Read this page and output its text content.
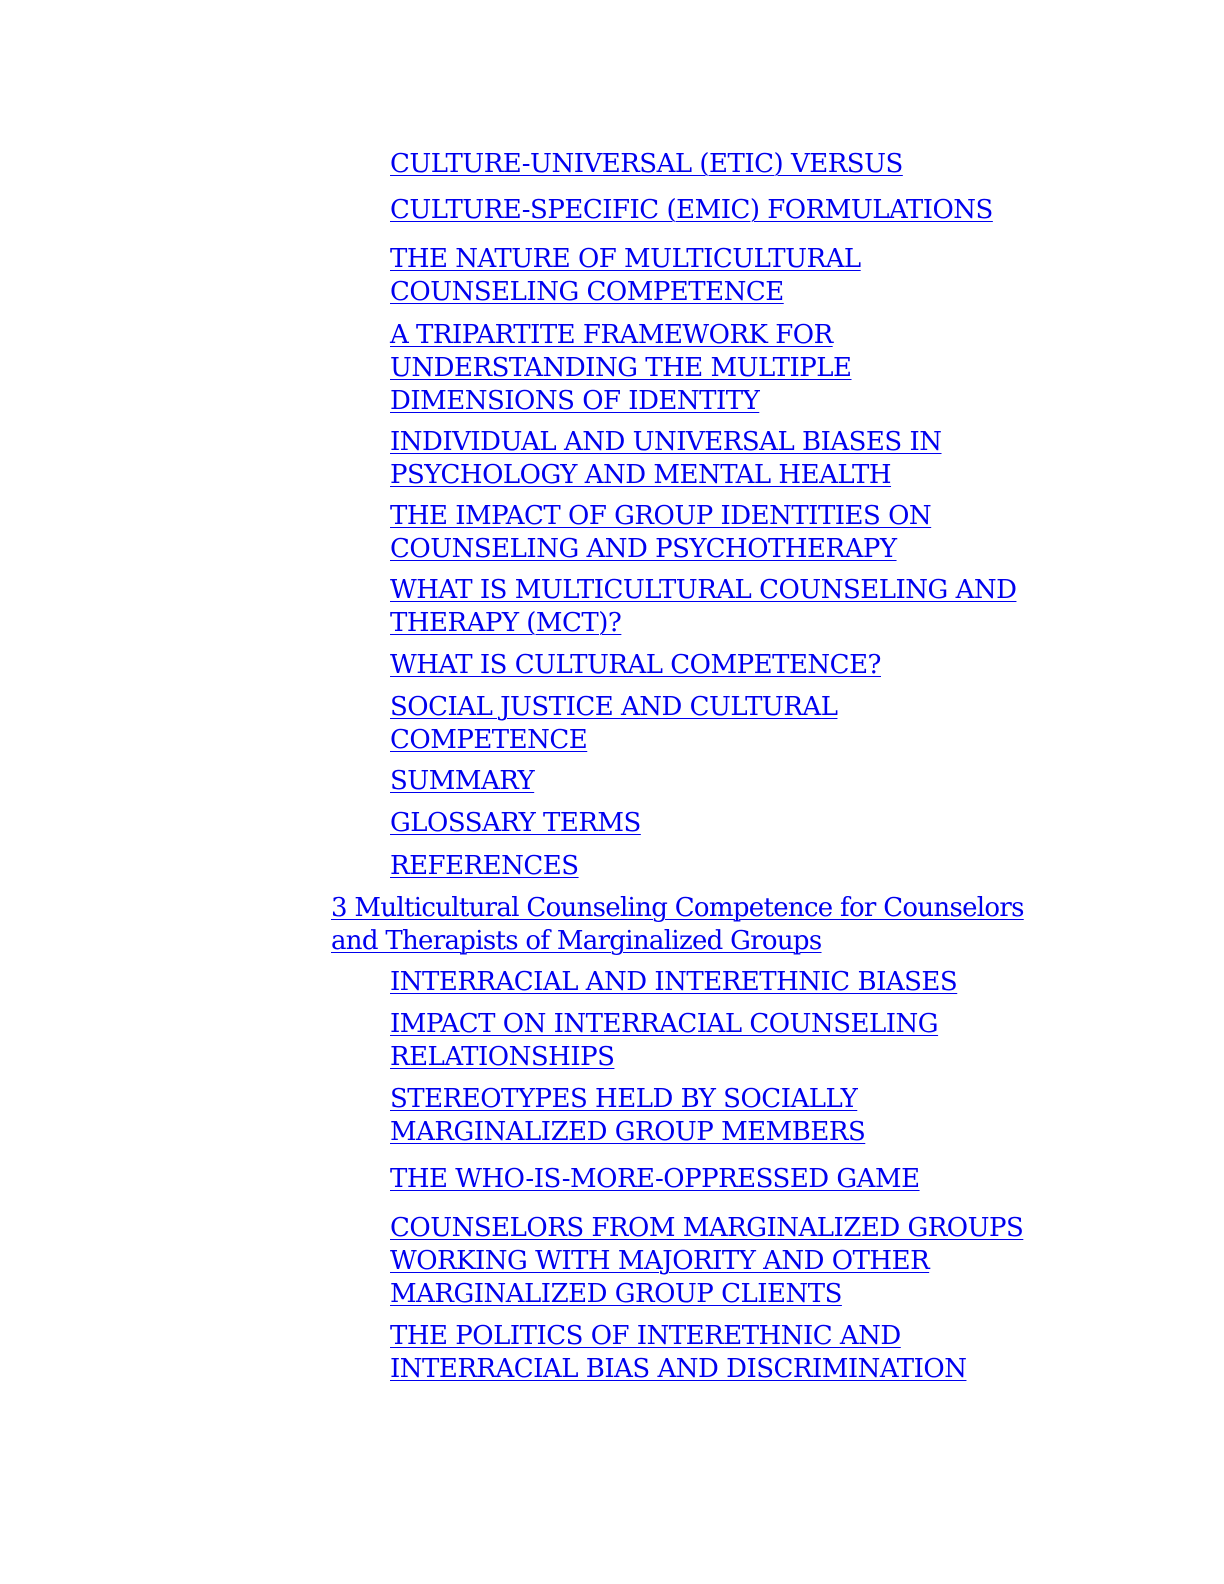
CULTURE-UNIVERSAL (ETIC) VERSUS

CULTURE-SPECIFIC (EMIC) FORMULATIONS

THE NATURE OF MULTICULTURAL
COUNSELING COMPETENCE

A TRIPARTITE FRAMEWORK FOR
UNDERSTANDING THE MULTIPLE
DIMENSIONS OF IDENTITY

INDIVIDUAL AND UNIVERSAL BIASES IN
PSYCHOLOGY AND MENTAL HEALTH

THE IMPACT OF GROUP IDENTITIES ON
COUNSELING AND PSYCHOTHERAPY

WHAT IS MULTICULTURAL COUNSELING AND
THERAPY (MCT)?

WHAT IS CULTURAL COMPETENCE?

SOCIAL JUSTICE AND CULTURAL
COMPETENCE

SUMMARY

GLOSSARY TERMS

REFERENCES

3 Multicultural Counseling Competence for Counselors
and Therapists of Marginalized Groups

INTERRACIAL AND INTERETHNIC BIASES

IMPACT ON INTERRACIAL COUNSELING
RELATIONSHIPS

STEREOTYPES HELD BY SOCIALLY
MARGINALIZED GROUP MEMBERS

THE WHO-IS-MORE-OPPRESSED GAME

COUNSELORS FROM MARGINALIZED GROUPS
WORKING WITH MAJORITY AND OTHER
MARGINALIZED GROUP CLIENTS

THE POLITICS OF INTERETHNIC AND
INTERRACIAL BIAS AND DISCRIMINATION
